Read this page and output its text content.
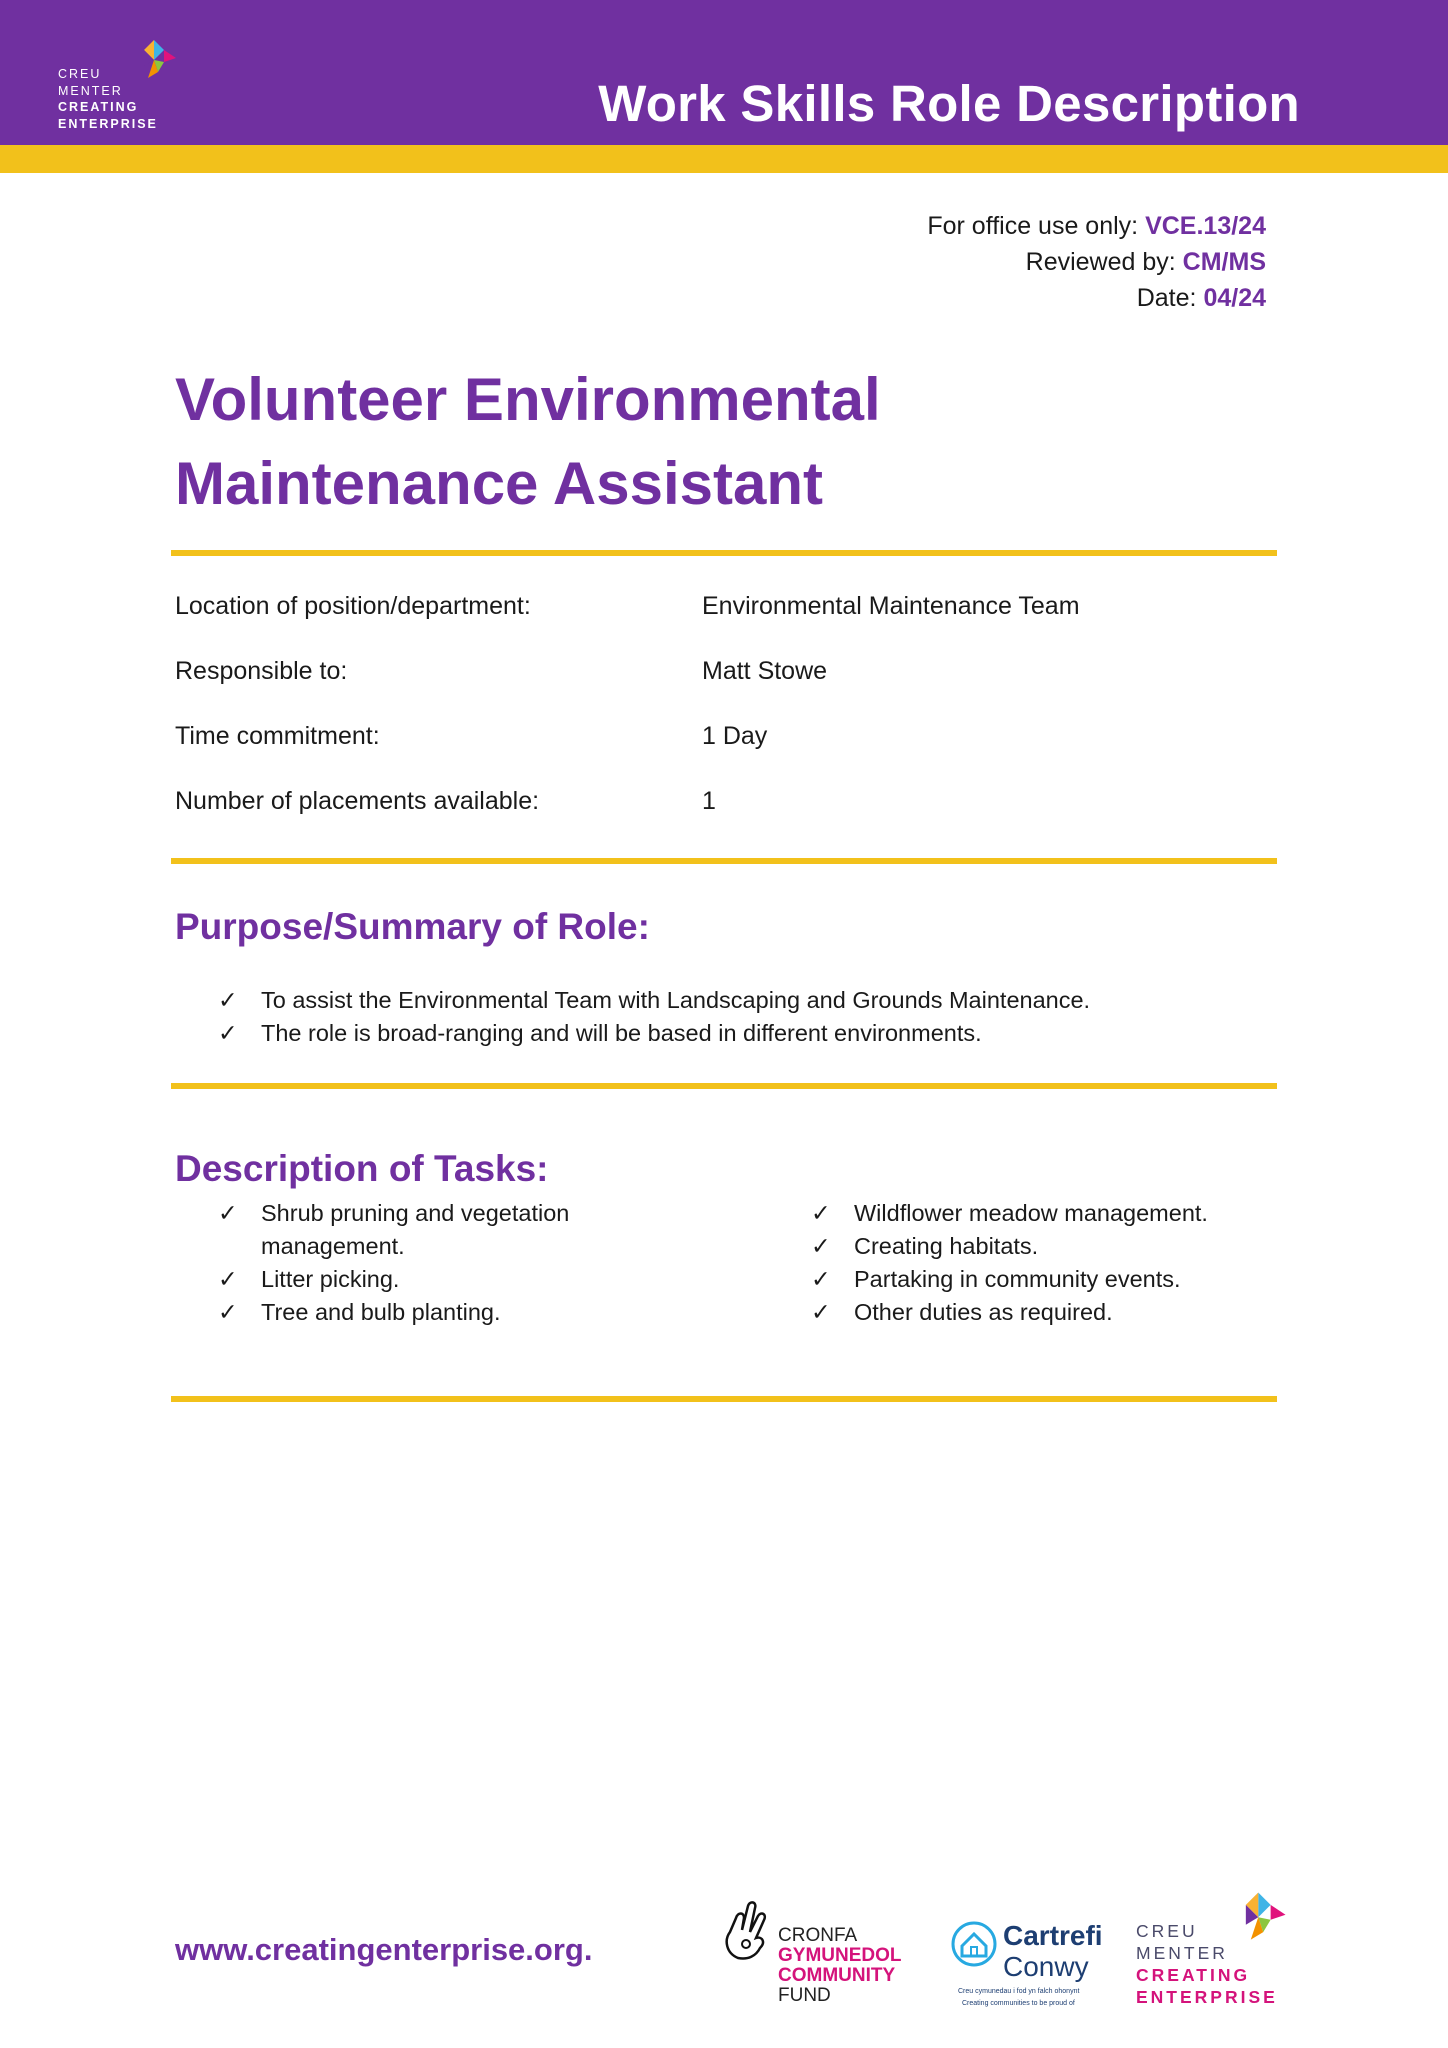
CREU
MENTER
CREATING
ENTERPRISE	Work Skills Role Description
For office use only: VCE.13/24
Reviewed by: CM/MS
Date: 04/24
Volunteer Environmental
Maintenance Assistant
Location of position/department:	Environmental Maintenance Team
Responsible to:	Matt Stowe
Time commitment:	1 Day
Number of placements available:	1
Purpose/Summary of Role:
✓ To assist the Environmental Team with Landscaping and Grounds Maintenance.
✓ The role is broad-ranging and will be based in different environments.
Description of Tasks:
✓ Shrub pruning and vegetation management.
✓ Litter picking.
✓ Tree and bulb planting.
✓ Wildflower meadow management.
✓ Creating habitats.
✓ Partaking in community events.
✓ Other duties as required.
www.creatingenterprise.org.	CRONFA
GYMUNEDOL
COMMUNITY
FUND
Cartrefi
Conwy
Creu cymunedau i fod yn falch ohonynt
Creating communities to be proud of
CREU
MENTER
CREATING
ENTERPRISE
